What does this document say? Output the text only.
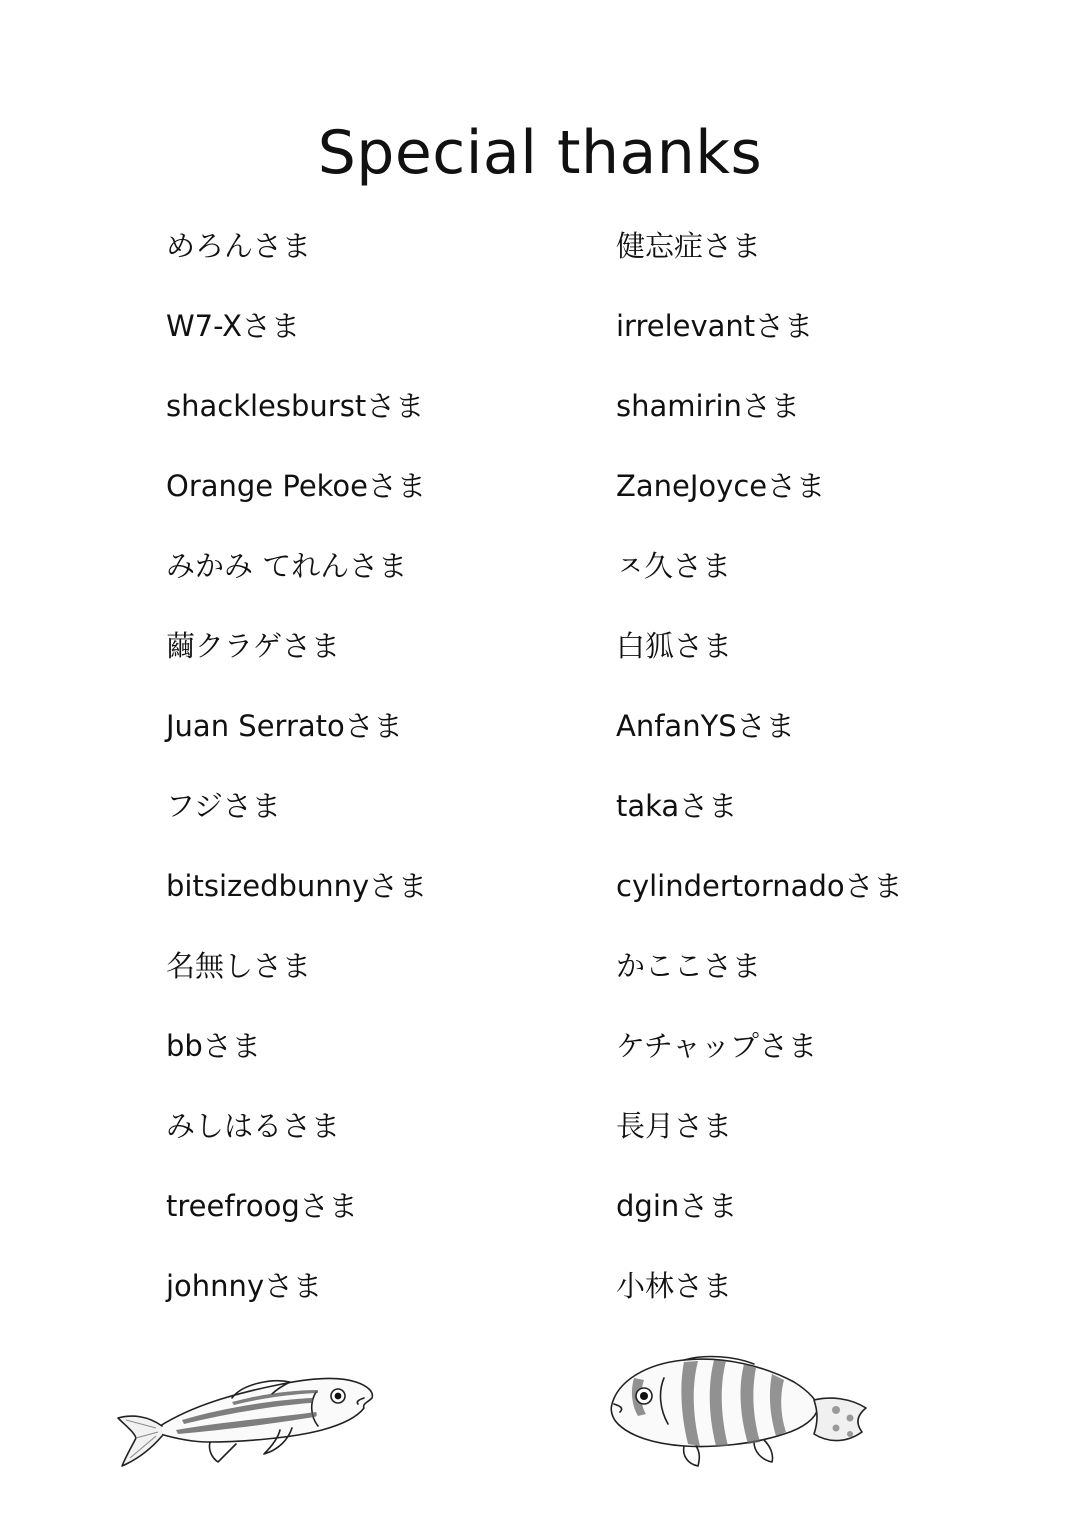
Special thanks
めろんさま
W7-Xさま
shacklesburstさま
Orange Pekoeさま
みかみ てれんさま
繭クラゲさま
Juan Serratoさま
フジさま
bitsizedbunnyさま
名無しさま
bbさま
みしはるさま
treefroogさま
johnnyさま
健忘症さま
irrelevantさま
shamirinさま
ZaneJoyceさま
ㅈ久さま
白狐さま
AnfanYSさま
takaさま
cylindertornadoさま
かここさま
ケチャップさま
長月さま
dginさま
小林さま
